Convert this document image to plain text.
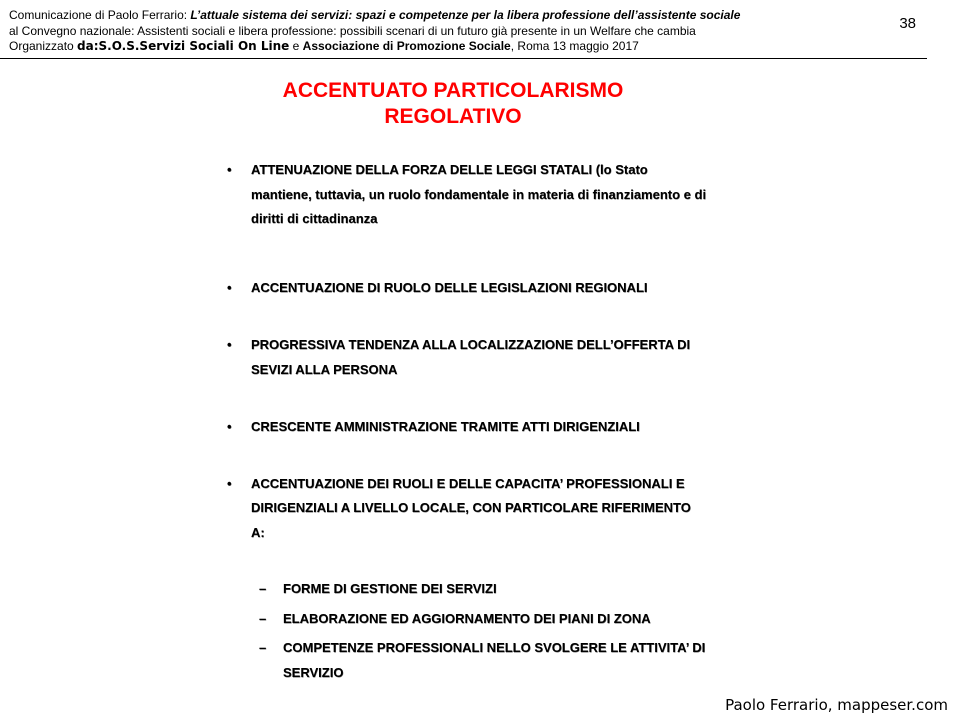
Comunicazione di Paolo Ferrario: L’attuale sistema dei servizi: spazi e competenze per la libera professione dell’assistente sociale
al Convegno nazionale: Assistenti sociali e libera professione: possibili scenari di un futuro già presente in un Welfare che cambia
Organizzato da:S.O.S.Servizi Sociali On Line e Associazione di Promozione Sociale, Roma 13 maggio 2017
38
ACCENTUATO PARTICOLARISMO
REGOLATIVO
• ATTENUAZIONE DELLA FORZA DELLE LEGGI STATALI (lo Stato mantiene, tuttavia, un ruolo fondamentale in materia di finanziamento e di diritti di cittadinanza
• ACCENTUAZIONE DI RUOLO DELLE LEGISLAZIONI REGIONALI
• PROGRESSIVA TENDENZA ALLA LOCALIZZAZIONE DELL’OFFERTA DI SEVIZI ALLA PERSONA
• CRESCENTE AMMINISTRAZIONE TRAMITE ATTI DIRIGENZIALI
• ACCENTUAZIONE DEI RUOLI E DELLE CAPACITA’ PROFESSIONALI E DIRIGENZIALI A LIVELLO LOCALE, CON PARTICOLARE RIFERIMENTO A:
– FORME DI GESTIONE DEI SERVIZI
– ELABORAZIONE ED AGGIORNAMENTO DEI PIANI DI ZONA
– COMPETENZE PROFESSIONALI NELLO SVOLGERE LE ATTIVITA’ DI SERVIZIO
Paolo Ferrario, mappeser.com
